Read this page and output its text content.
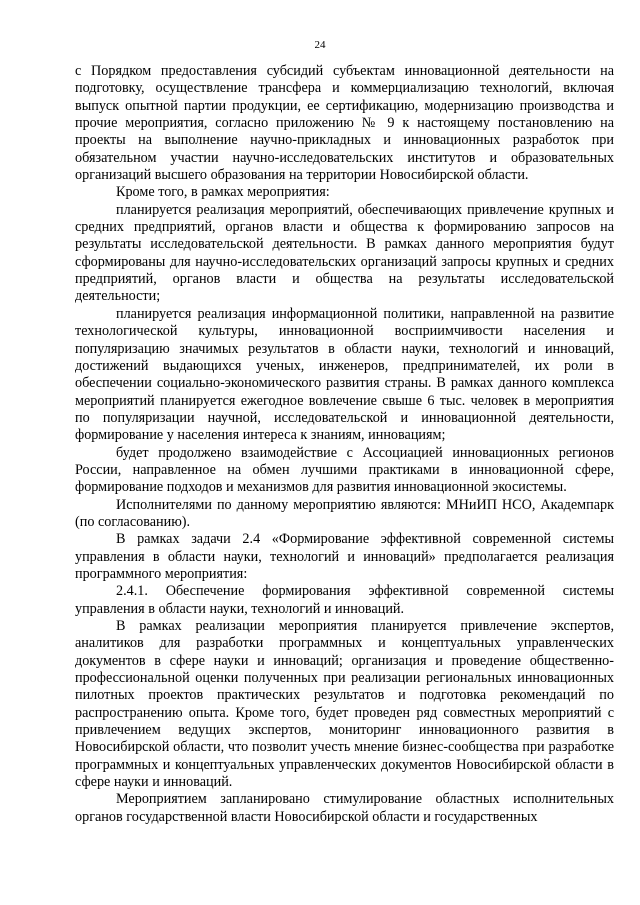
24

с Порядком предоставления субсидий субъектам инновационной деятельности на подготовку, осуществление трансфера и коммерциализацию технологий, включая выпуск опытной партии продукции, ее сертификацию, модернизацию производства и прочие мероприятия, согласно приложению № 9 к настоящему постановлению на проекты на выполнение научно-прикладных и инновационных разработок при обязательном участии научно-исследовательских институтов и образовательных организаций высшего образования на территории Новосибирской области.

Кроме того, в рамках мероприятия:

планируется реализация мероприятий, обеспечивающих привлечение крупных и средних предприятий, органов власти и общества к формированию запросов на результаты исследовательской деятельности. В рамках данного мероприятия будут сформированы для научно-исследовательских организаций запросы крупных и средних предприятий, органов власти и общества на результаты исследовательской деятельности;

планируется реализация информационной политики, направленной на развитие технологической культуры, инновационной восприимчивости населения и популяризацию значимых результатов в области науки, технологий и инноваций, достижений выдающихся ученых, инженеров, предпринимателей, их роли в обеспечении социально-экономического развития страны. В рамках данного комплекса мероприятий планируется ежегодное вовлечение свыше 6 тыс. человек в мероприятия по популяризации научной, исследовательской и инновационной деятельности, формирование у населения интереса к знаниям, инновациям;

будет продолжено взаимодействие с Ассоциацией инновационных регионов России, направленное на обмен лучшими практиками в инновационной сфере, формирование подходов и механизмов для развития инновационной экосистемы.

Исполнителями по данному мероприятию являются: МНиИП НСО, Академпарк (по согласованию).

В рамках задачи 2.4 «Формирование эффективной современной системы управления в области науки, технологий и инноваций» предполагается реализация программного мероприятия:

2.4.1. Обеспечение формирования эффективной современной системы управления в области науки, технологий и инноваций.

В рамках реализации мероприятия планируется привлечение экспертов, аналитиков для разработки программных и концептуальных управленческих документов в сфере науки и инноваций; организация и проведение общественно-профессиональной оценки полученных при реализации региональных инновационных пилотных проектов практических результатов и подготовка рекомендаций по распространению опыта. Кроме того, будет проведен ряд совместных мероприятий с привлечением ведущих экспертов, мониторинг инновационного развития в Новосибирской области, что позволит учесть мнение бизнес-сообщества при разработке программных и концептуальных управленческих документов Новосибирской области в сфере науки и инноваций.

Мероприятием запланировано стимулирование областных исполнительных органов государственной власти Новосибирской области и государственных
